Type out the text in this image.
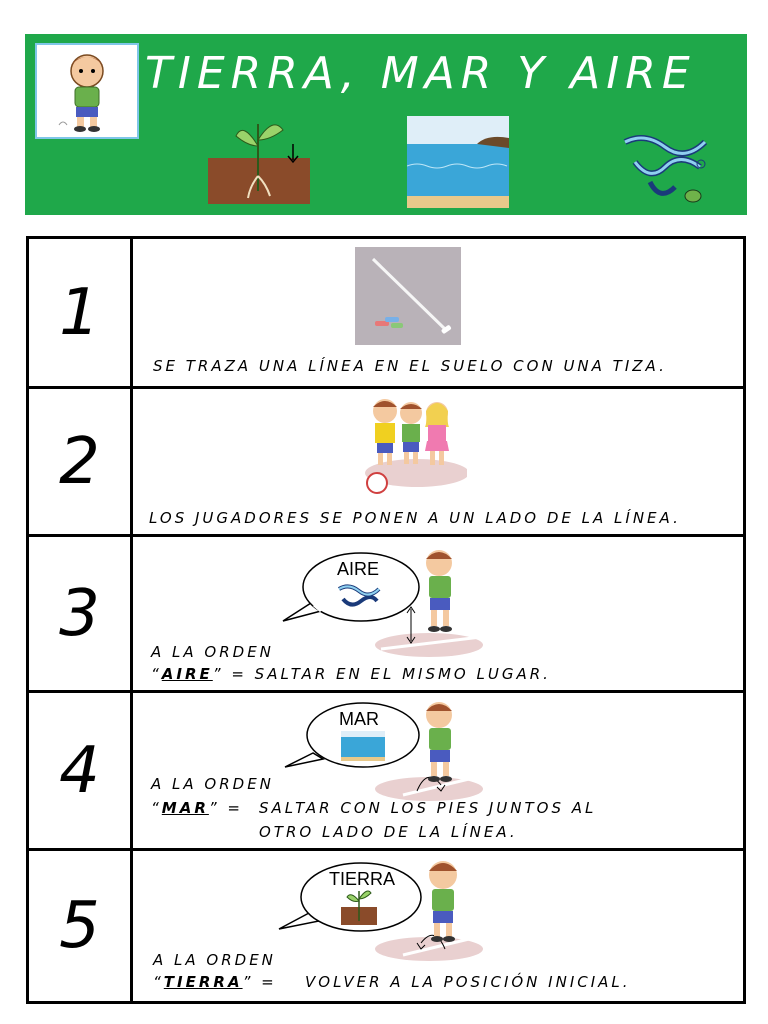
TIERRA, MAR Y AIRE
1
SE TRAZA UNA LÍNEA EN EL SUELO CON UNA TIZA.
2
LOS JUGADORES SE PONEN A UN LADO DE LA LÍNEA.
3
AIRE
A LA ORDEN
“AIRE” = SALTAR EN EL MISMO LUGAR.
4
MAR
A LA ORDEN
“MAR” = SALTAR CON LOS PIES JUNTOS AL
OTRO LADO DE LA LÍNEA.
5
TIERRA
A LA ORDEN
“TIERRA” = VOLVER A LA POSICIÓN INICIAL.
